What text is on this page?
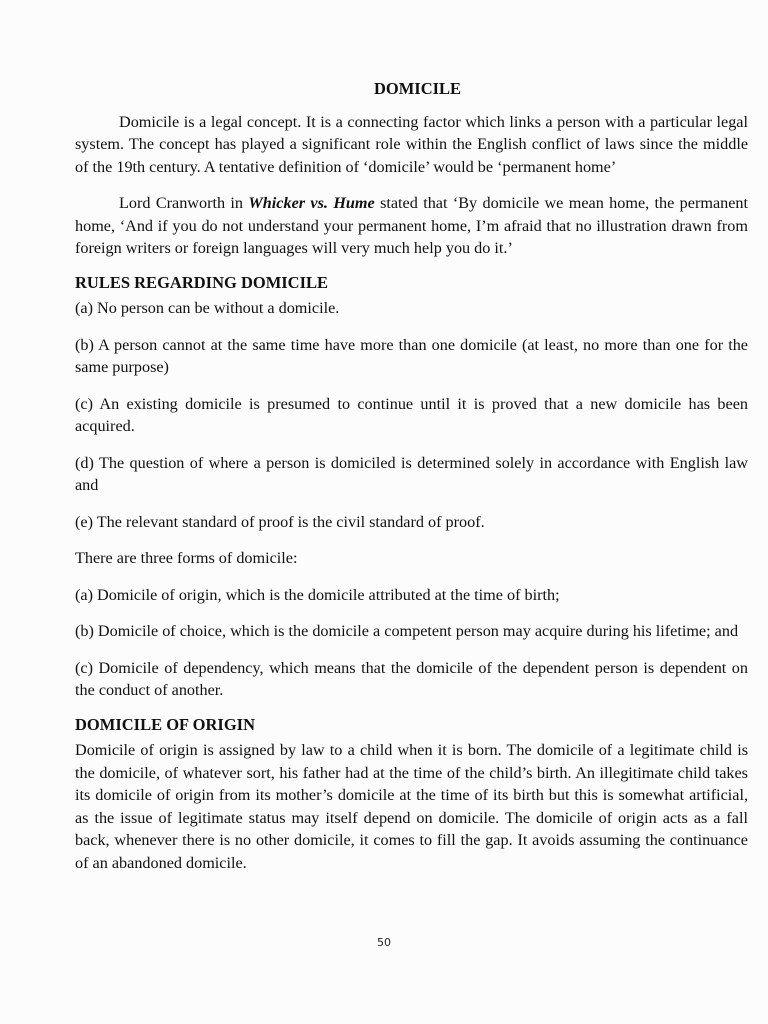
DOMICILE

Domicile is a legal concept. It is a connecting factor which links a person with a particular legal system. The concept has played a significant role within the English conflict of laws since the middle of the 19th century. A tentative definition of ‘domicile’ would be ‘permanent home’

Lord Cranworth in Whicker vs. Hume stated that ‘By domicile we mean home, the permanent home, ‘And if you do not understand your permanent home, I’m afraid that no illustration drawn from foreign writers or foreign languages will very much help you do it.’

RULES REGARDING DOMICILE

(a) No person can be without a domicile.

(b) A person cannot at the same time have more than one domicile (at least, no more than one for the same purpose)

(c) An existing domicile is presumed to continue until it is proved that a new domicile has been acquired.

(d) The question of where a person is domiciled is determined solely in accordance with English law and

(e) The relevant standard of proof is the civil standard of proof.

There are three forms of domicile:

(a) Domicile of origin, which is the domicile attributed at the time of birth;

(b) Domicile of choice, which is the domicile a competent person may acquire during his lifetime; and

(c) Domicile of dependency, which means that the domicile of the dependent person is dependent on the conduct of another.

DOMICILE OF ORIGIN

Domicile of origin is assigned by law to a child when it is born. The domicile of a legitimate child is the domicile, of whatever sort, his father had at the time of the child’s birth. An illegitimate child takes its domicile of origin from its mother’s domicile at the time of its birth but this is somewhat artificial, as the issue of legitimate status may itself depend on domicile. The domicile of origin acts as a fall back, whenever there is no other domicile, it comes to fill the gap. It avoids assuming the continuance of an abandoned domicile.

50
